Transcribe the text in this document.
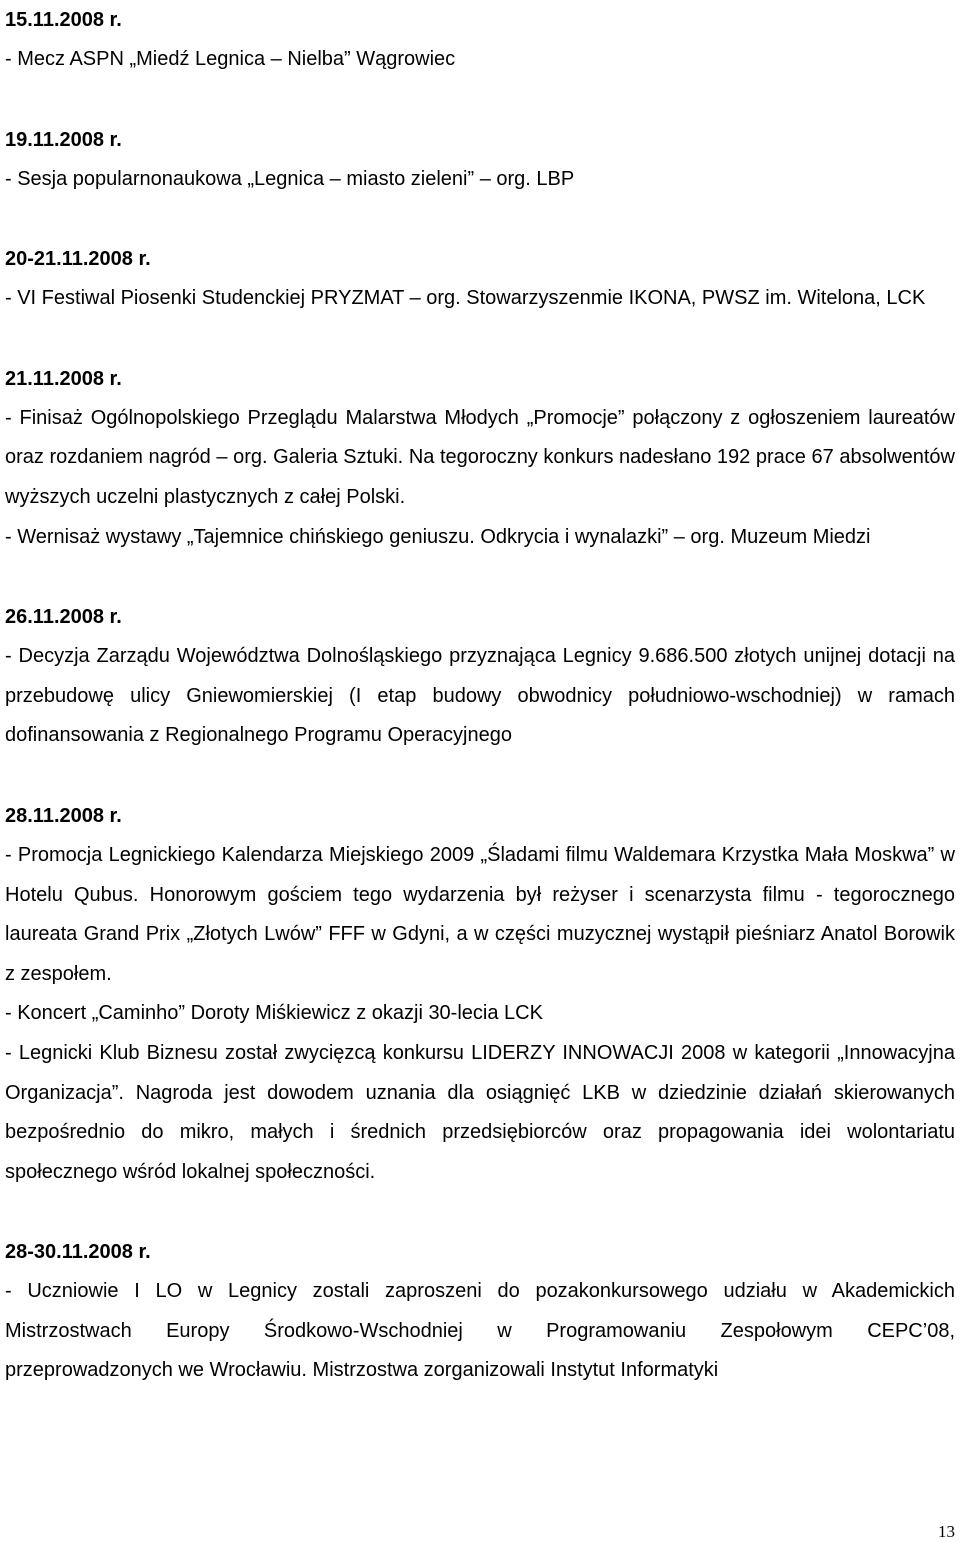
15.11.2008 r.

- Mecz ASPN „Miedź Legnica – Nielba” Wągrowiec

19.11.2008 r.

- Sesja popularnonaukowa „Legnica – miasto zieleni” – org. LBP

20-21.11.2008 r.

- VI Festiwal Piosenki Studenckiej PRYZMAT – org. Stowarzyszenmie IKONA, PWSZ im. Witelona, LCK

21.11.2008 r.

- Finisaż Ogólnopolskiego Przeglądu Malarstwa Młodych „Promocje” połączony z ogłoszeniem laureatów oraz rozdaniem nagród – org. Galeria Sztuki. Na tegoroczny konkurs nadesłano 192 prace 67 absolwentów wyższych uczelni plastycznych z całej Polski.

- Wernisaż wystawy „Tajemnice chińskiego geniuszu. Odkrycia i wynalazki” – org. Muzeum Miedzi

26.11.2008 r.

- Decyzja Zarządu Województwa Dolnośląskiego przyznająca Legnicy 9.686.500 złotych unijnej dotacji na przebudowę ulicy Gniewomierskiej (I etap budowy obwodnicy południowo-wschodniej) w ramach dofinansowania z Regionalnego Programu Operacyjnego

28.11.2008 r.

- Promocja Legnickiego Kalendarza Miejskiego 2009 „Śladami filmu Waldemara Krzystka Mała Moskwa” w Hotelu Qubus. Honorowym gościem tego wydarzenia był reżyser i scenarzysta filmu - tegorocznego laureata Grand Prix „Złotych Lwów” FFF w Gdyni, a w części muzycznej wystąpił pieśniarz Anatol Borowik z zespołem.

- Koncert „Caminho” Doroty Miśkiewicz z okazji 30-lecia LCK

- Legnicki Klub Biznesu został zwycięzcą konkursu LIDERZY INNOWACJI 2008 w kategorii „Innowacyjna Organizacja”. Nagroda jest dowodem uznania dla osiągnięć LKB w dziedzinie działań skierowanych bezpośrednio do mikro, małych i średnich przedsiębiorców oraz propagowania idei wolontariatu społecznego wśród lokalnej społeczności.

28-30.11.2008 r.

- Uczniowie I LO w Legnicy zostali zaproszeni do pozakonkursowego udziału w Akademickich Mistrzostwach Europy Środkowo-Wschodniej w Programowaniu Zespołowym CEPC’08, przeprowadzonych we Wrocławiu. Mistrzostwa zorganizowali Instytut Informatyki

13
